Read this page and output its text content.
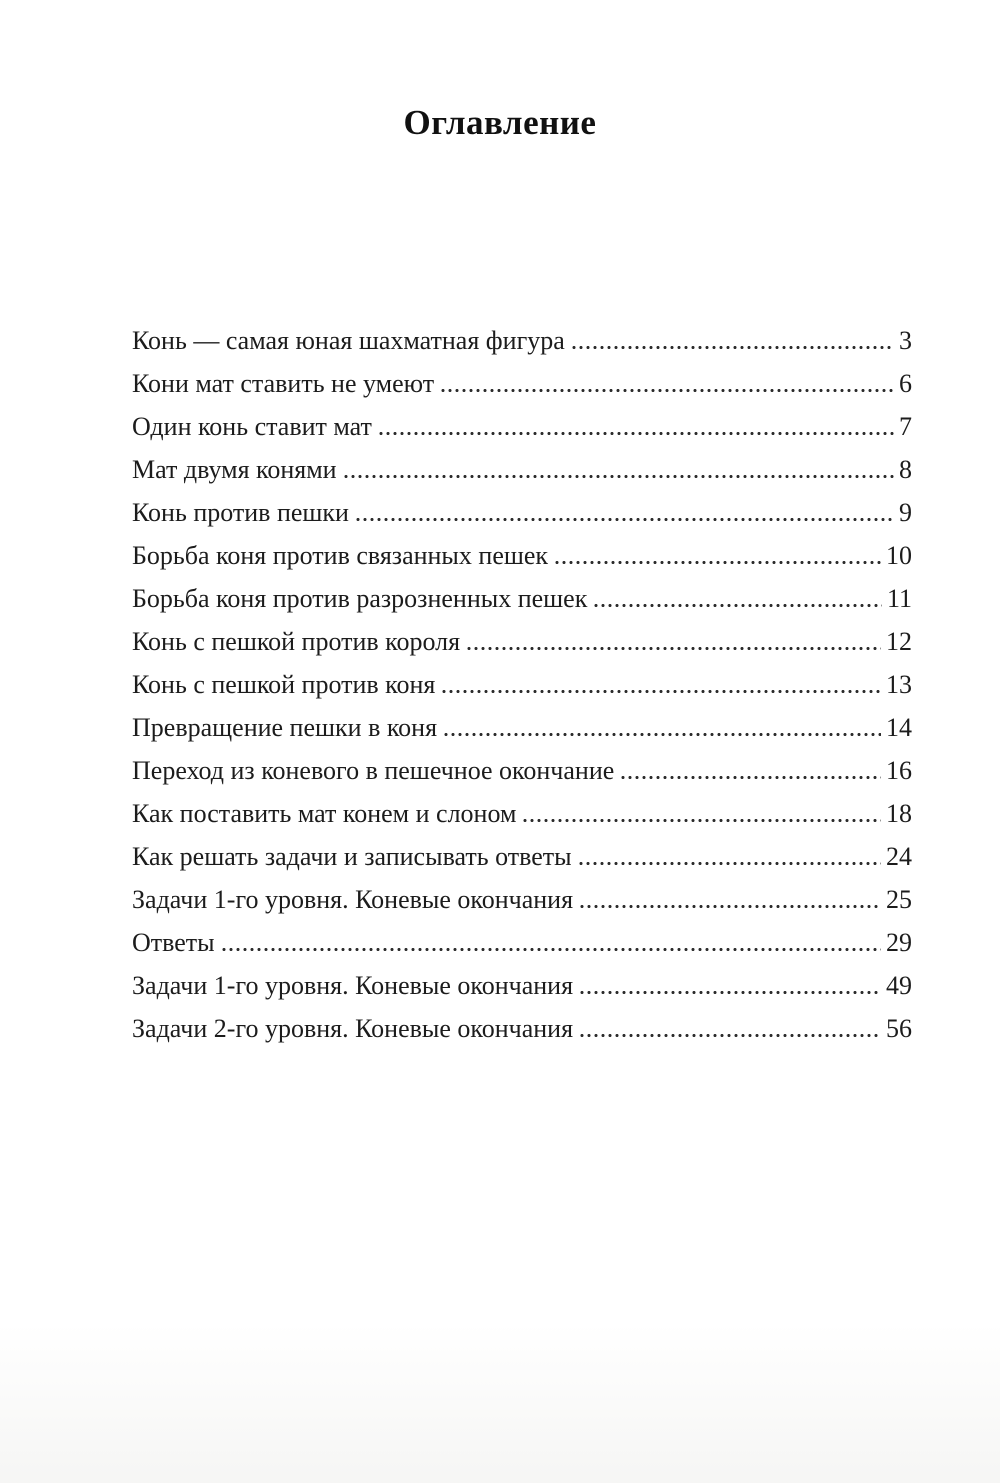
Оглавление
Конь — самая юная шахматная фигура	3
Кони мат ставить не умеют	6
Один конь ставит мат	7
Мат двумя конями	8
Конь против пешки	9
Борьба коня против связанных пешек	10
Борьба коня против разрозненных пешек	11
Конь с пешкой против короля	12
Конь с пешкой против коня	13
Превращение пешки в коня	14
Переход из коневого в пешечное окончание	16
Как поставить мат конем и слоном	18
Как решать задачи и записывать ответы	24
Задачи 1-го уровня. Коневые окончания	25
Ответы	29
Задачи 1-го уровня. Коневые окончания	49
Задачи 2-го уровня. Коневые окончания	56
